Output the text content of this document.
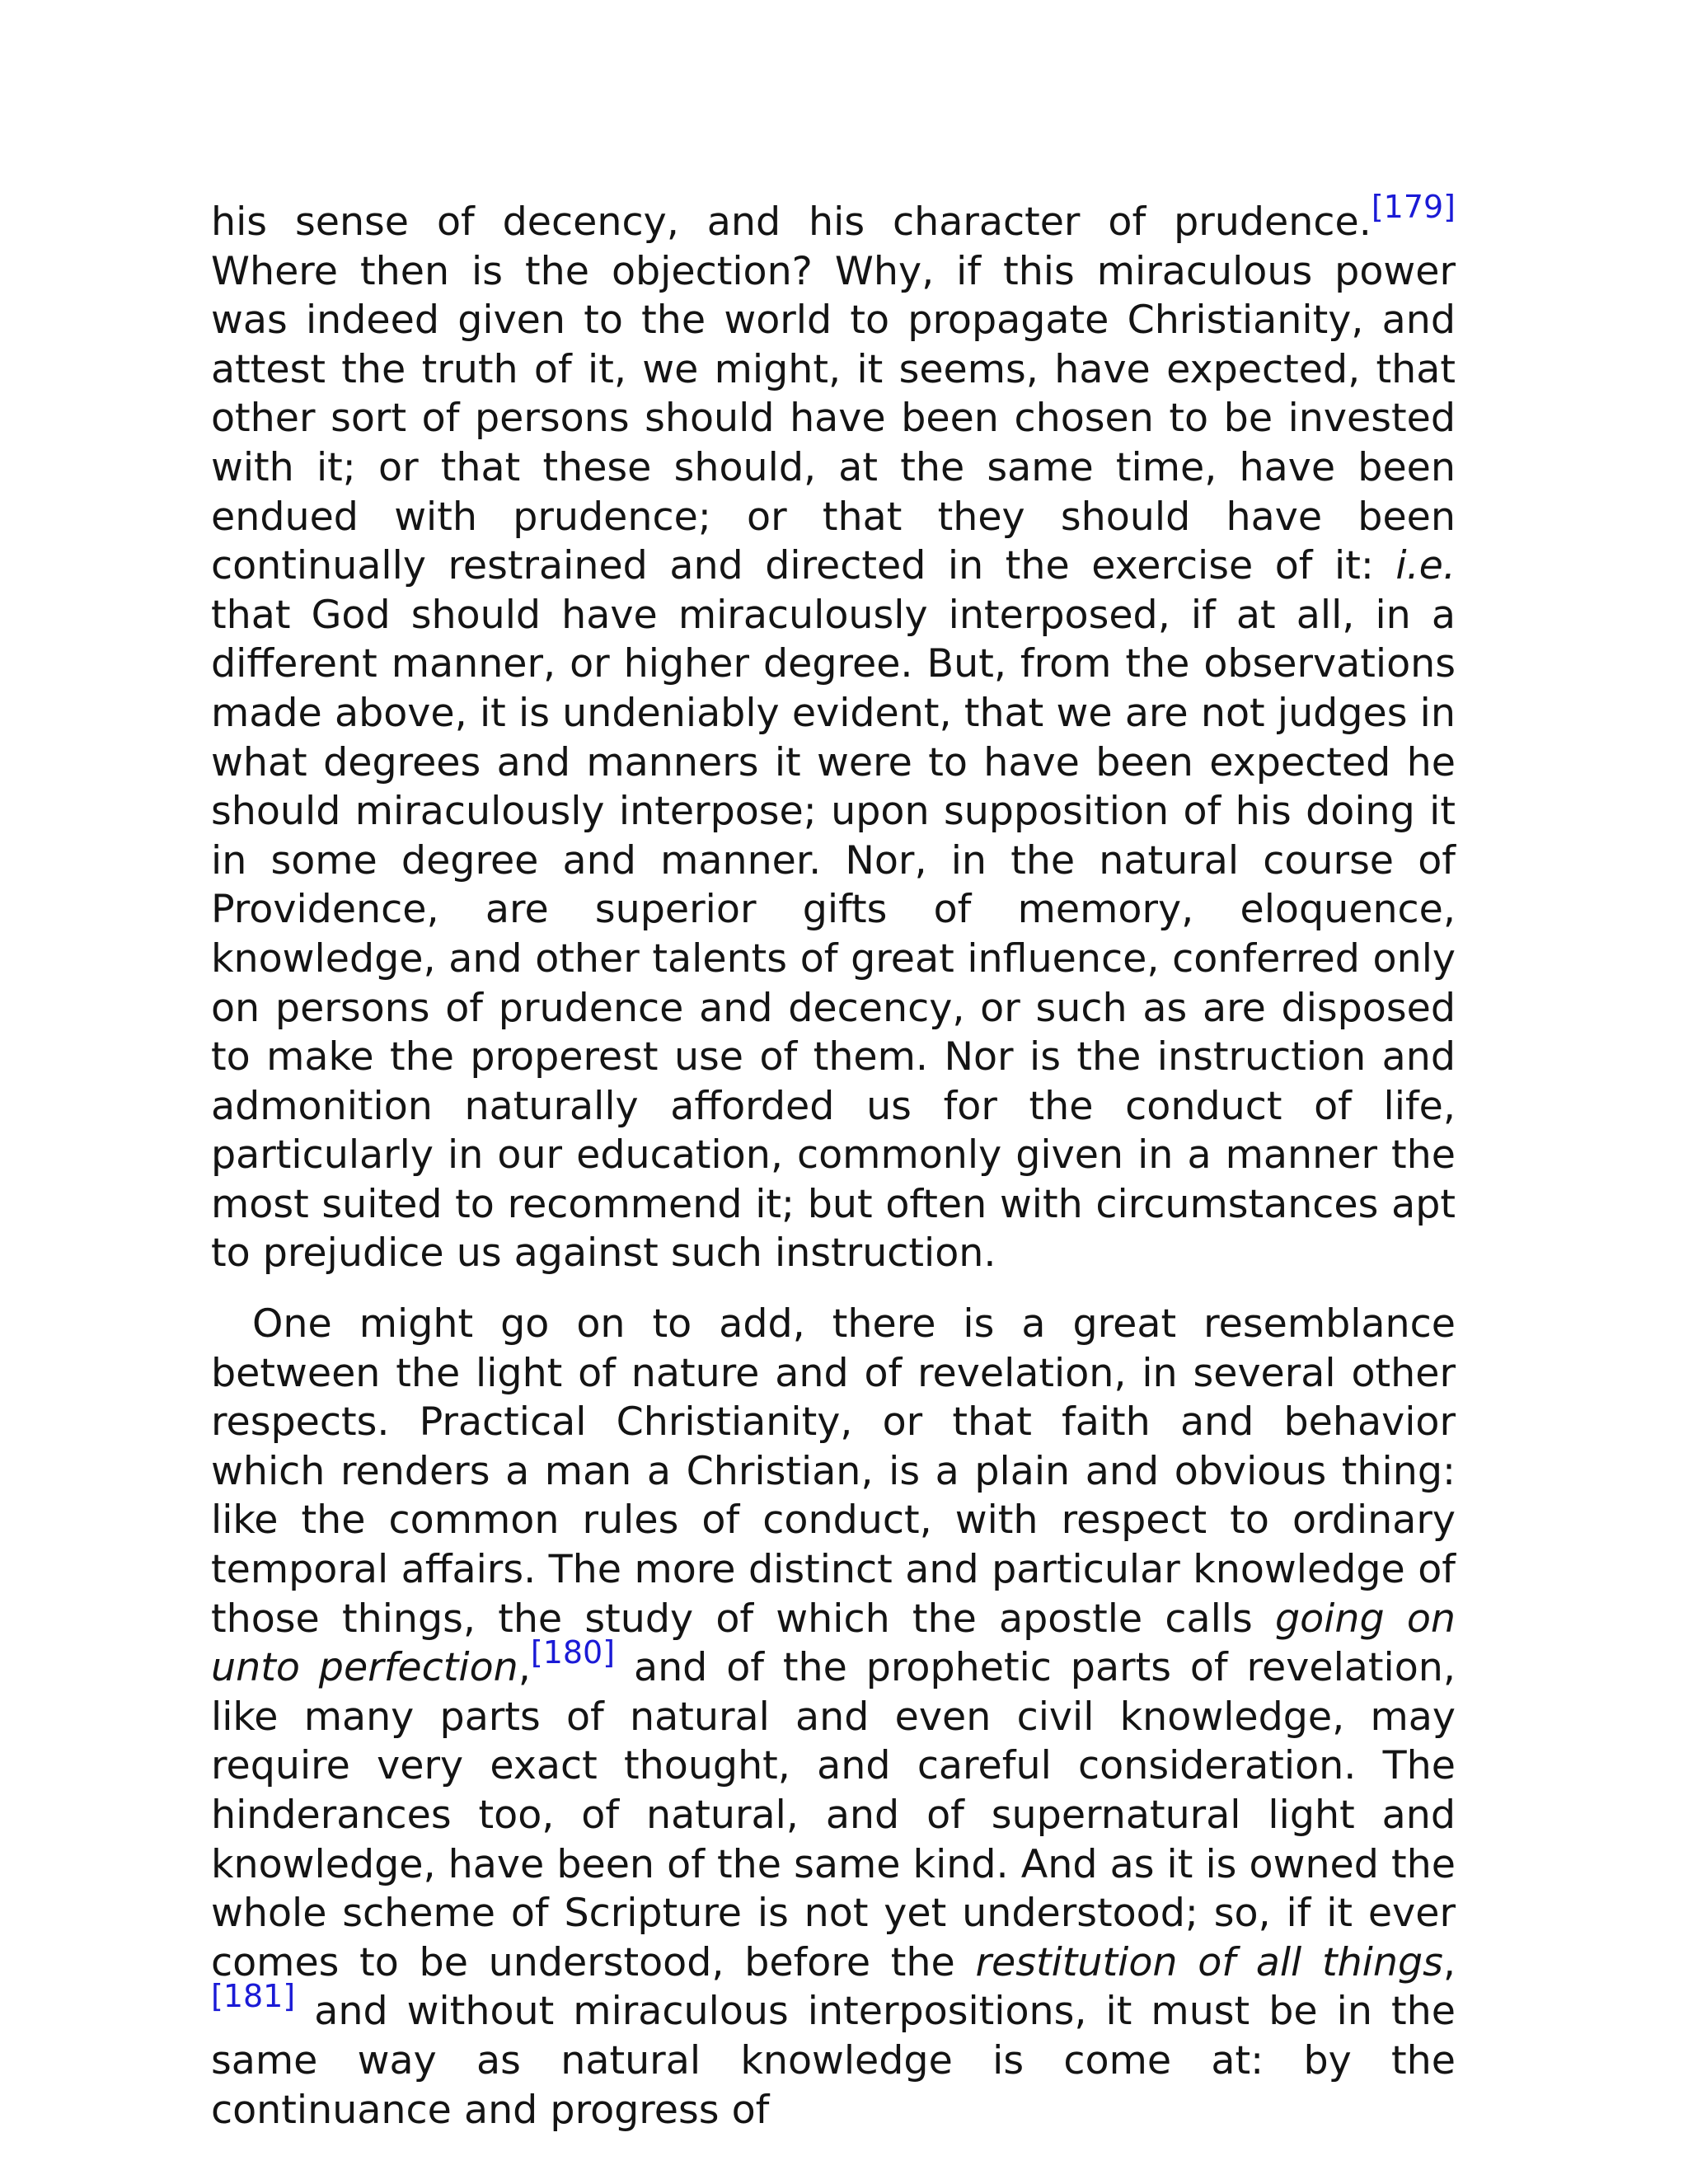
his sense of decency, and his character of prudence.[179] Where then is the objection? Why, if this miraculous power was indeed given to the world to propagate Christianity, and attest the truth of it, we might, it seems, have expected, that other sort of persons should have been chosen to be invested with it; or that these should, at the same time, have been endued with prudence; or that they should have been continually restrained and directed in the exercise of it: i.e. that God should have miraculously interposed, if at all, in a different manner, or higher degree. But, from the observations made above, it is undeniably evident, that we are not judges in what degrees and manners it were to have been expected he should miraculously interpose; upon supposition of his doing it in some degree and manner. Nor, in the natural course of Providence, are superior gifts of memory, eloquence, knowledge, and other talents of great influence, conferred only on persons of prudence and decency, or such as are disposed to make the properest use of them. Nor is the instruction and admonition naturally afforded us for the conduct of life, particularly in our education, commonly given in a manner the most suited to recommend it; but often with circumstances apt to prejudice us against such instruction.

One might go on to add, there is a great resemblance between the light of nature and of revelation, in several other respects. Practical Christianity, or that faith and behavior which renders a man a Christian, is a plain and obvious thing: like the common rules of conduct, with respect to ordinary temporal affairs. The more distinct and particular knowledge of those things, the study of which the apostle calls going on unto perfection,[180] and of the prophetic parts of revelation, like many parts of natural and even civil knowledge, may require very exact thought, and careful consideration. The hinderances too, of natural, and of supernatural light and knowledge, have been of the same kind. And as it is owned the whole scheme of Scripture is not yet understood; so, if it ever comes to be understood, before the restitution of all things,[181] and without miraculous interpositions, it must be in the same way as natural knowledge is come at: by the continuance and progress of
